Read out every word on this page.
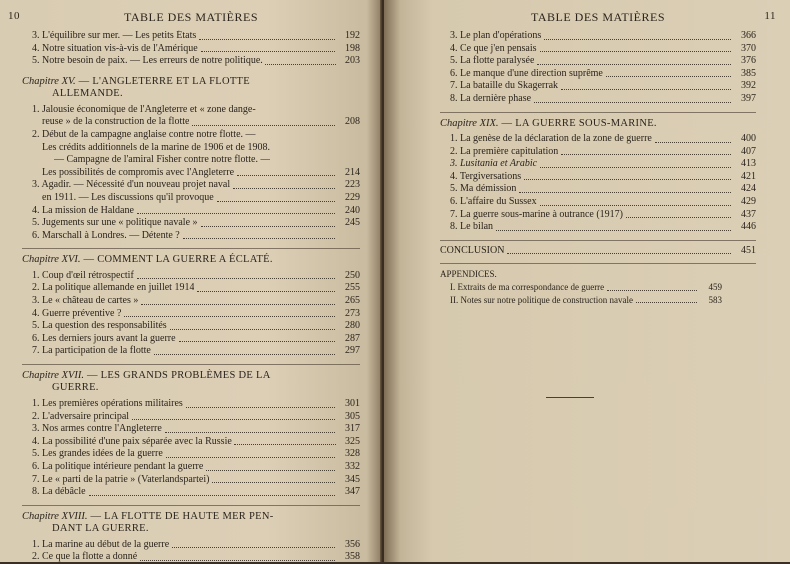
10	TABLE DES MATIÈRES
3. L'équilibre sur mer. — Les petits États	192
4. Notre situation vis-à-vis de l'Amérique	198
5. Notre besoin de paix. — Les erreurs de notre politique.	203
Chapitre XV. — L'ANGLETERRE ET LA FLOTTE
ALLEMANDE.
1. Jalousie économique de l'Angleterre et « zone dange-
reuse » de la construction de la flotte	208
2. Début de la campagne anglaise contre notre flotte. —
Les crédits additionnels de la marine de 1906 et de 1908.
— Campagne de l'amiral Fisher contre notre flotte. —
Les possibilités de compromis avec l'Angleterre	214
3. Agadir. — Nécessité d'un nouveau projet naval	223
en 1911. — Les discussions qu'il provoque	229
4. La mission de Haldane	240
5. Jugements sur une « politique navale »	245
6. Marschall à Londres. — Détente ?
Chapitre XVI. — COMMENT LA GUERRE A ÉCLATÉ.
1. Coup d'œil rétrospectif	250
2. La politique allemande en juillet 1914	255
3. Le « château de cartes »	265
4. Guerre préventive ?	273
5. La question des responsabilités	280
6. Les derniers jours avant la guerre	287
7. La participation de la flotte	297
Chapitre XVII. — LES GRANDS PROBLÈMES DE LA
GUERRE.
1. Les premières opérations militaires	301
2. L'adversaire principal	305
3. Nos armes contre l'Angleterre	317
4. La possibilité d'une paix séparée avec la Russie	325
5. Les grandes idées de la guerre	328
6. La politique intérieure pendant la guerre	332
7. Le « parti de la patrie » (Vaterlandspartei)	345
8. La débâcle	347
Chapitre XVIII. — LA FLOTTE DE HAUTE MER PEN-
DANT LA GUERRE.
1. La marine au début de la guerre	356
2. Ce que la flotte a donné	358
TABLE DES MATIÈRES	11
3. Le plan d'opérations	366
4. Ce que j'en pensais	370
5. La flotte paralysée	376
6. Le manque d'une direction suprême	385
7. La bataille du Skagerrak	392
8. La dernière phase	397
Chapitre XIX. — LA GUERRE SOUS-MARINE.
1. La genèse de la déclaration de la zone de guerre	400
2. La première capitulation	407
3. Lusitania et Arabic	413
4. Tergiversations	421
5. Ma démission	424
6. L'affaire du Sussex	429
7. La guerre sous-marine à outrance (1917)	437
8. Le bilan	446
CONCLUSION	451
APPENDICES.
I. Extraits de ma correspondance de guerre	459
II. Notes sur notre politique de construction navale	583
